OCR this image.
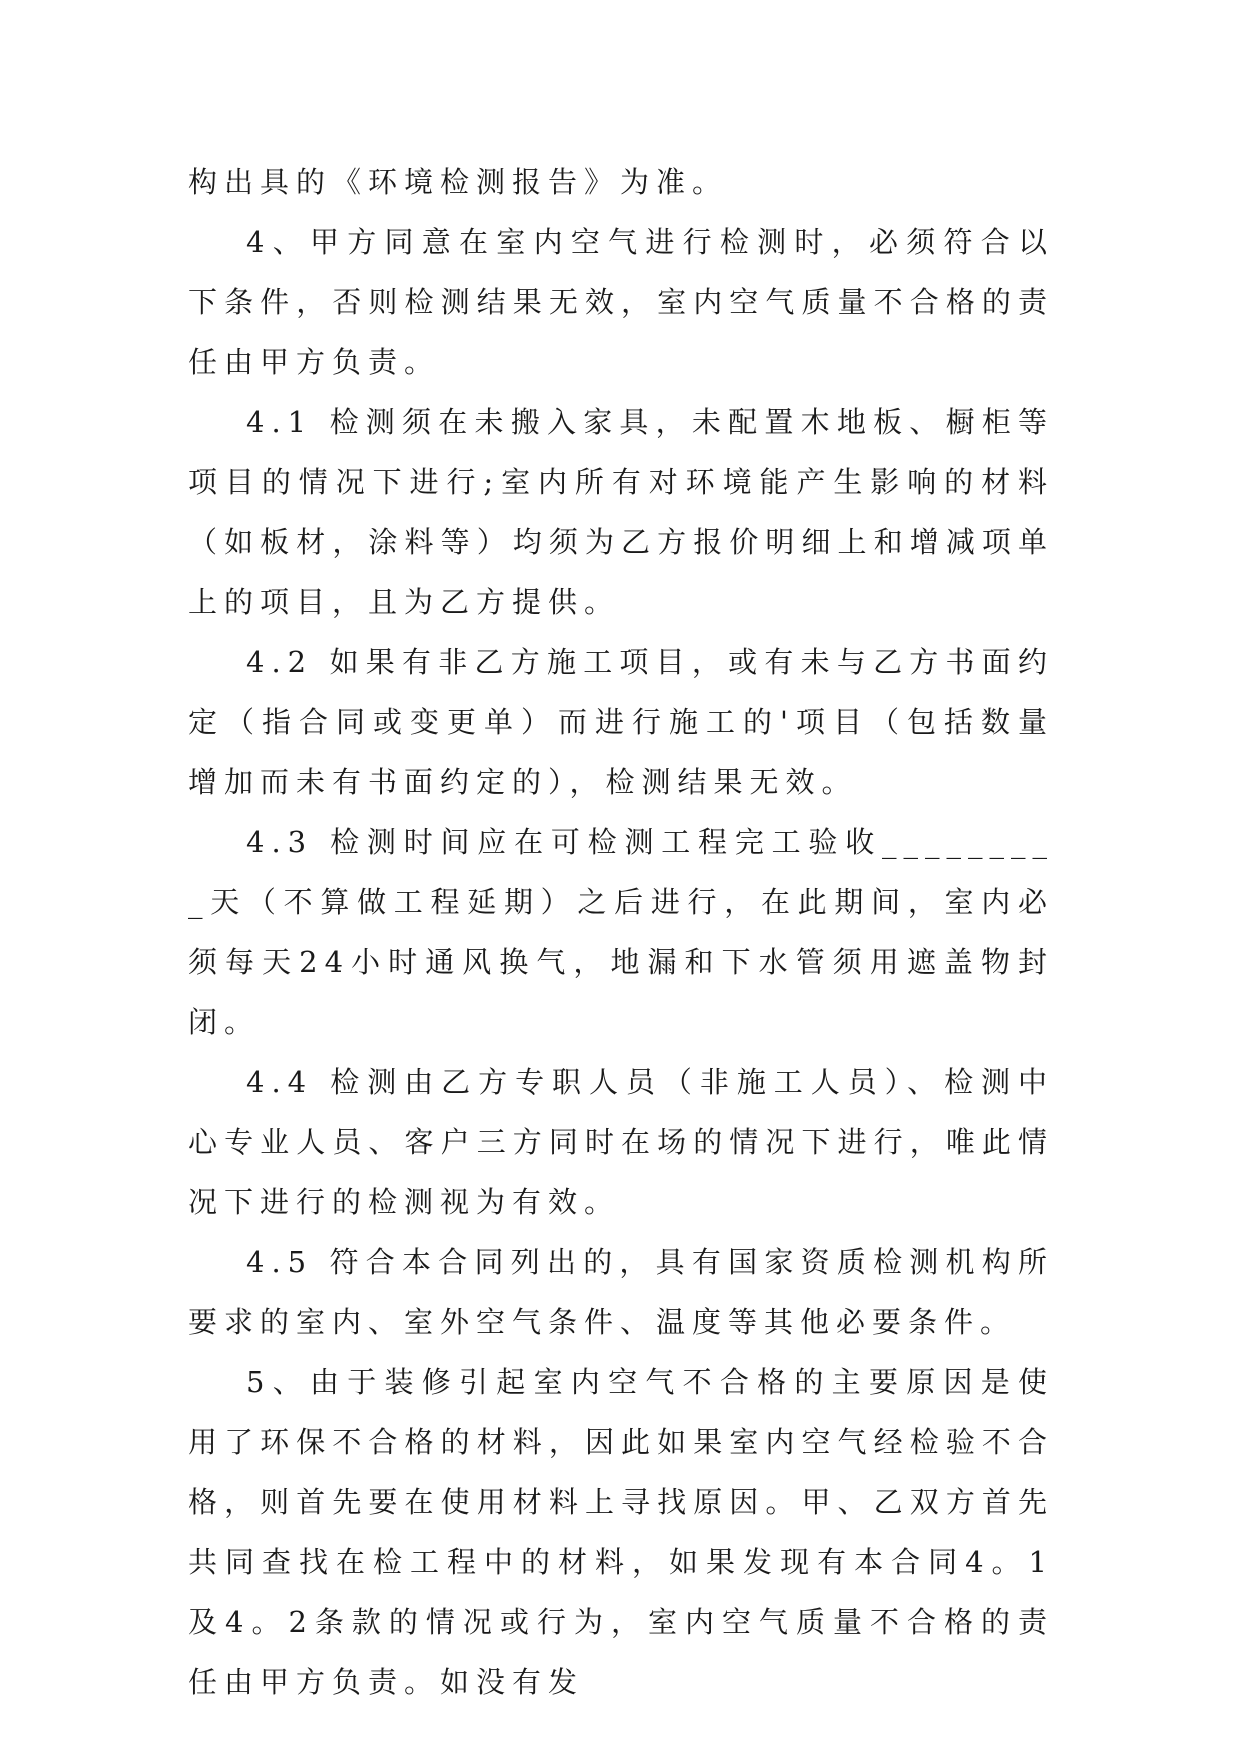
构出具的《环境检测报告》为准。

4、甲方同意在室内空气进行检测时，必须符合以下条件，否则检测结果无效，室内空气质量不合格的责任由甲方负责。

4.1 检测须在未搬入家具，未配置木地板、橱柜等项目的情况下进行;室内所有对环境能产生影响的材料（如板材，涂料等）均须为乙方报价明细上和增减项单上的项目，且为乙方提供。

4.2 如果有非乙方施工项目，或有未与乙方书面约定（指合同或变更单）而进行施工的'项目（包括数量增加而未有书面约定的），检测结果无效。

4.3 检测时间应在可检测工程完工验收_________天（不算做工程延期）之后进行，在此期间，室内必须每天24小时通风换气，地漏和下水管须用遮盖物封闭。

4.4 检测由乙方专职人员（非施工人员）、检测中心专业人员、客户三方同时在场的情况下进行，唯此情况下进行的检测视为有效。

4.5 符合本合同列出的，具有国家资质检测机构所要求的室内、室外空气条件、温度等其他必要条件。

5、由于装修引起室内空气不合格的主要原因是使用了环保不合格的材料，因此如果室内空气经检验不合格，则首先要在使用材料上寻找原因。甲、乙双方首先共同查找在检工程中的材料，如果发现有本合同4。1及4。2条款的情况或行为，室内空气质量不合格的责任由甲方负责。如没有发
